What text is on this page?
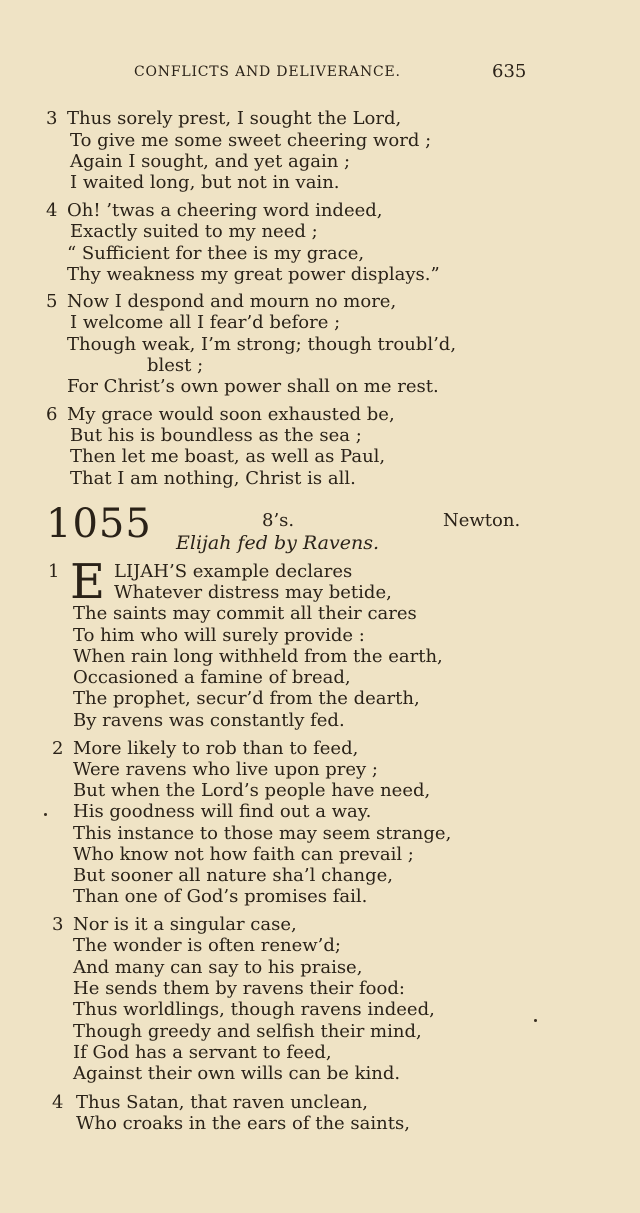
CONFLICTS AND DELIVERANCE.	635
3 Thus sorely prest, I sought the Lord,
To give me some sweet cheering word ;
Again I sought, and yet again ;
I waited long, but not in vain.
4 Oh! ’twas a cheering word indeed,
Exactly suited to my need ;
“ Sufficient for thee is my grace,
Thy weakness my great power displays.”
5 Now I despond and mourn no more,
I welcome all I fear’d before ;
Though weak, I’m strong; though troubl’d,
blest ;
For Christ’s own power shall on me rest.
6 My grace would soon exhausted be,
But his is boundless as the sea ;
Then let me boast, as well as Paul,
That I am nothing, Christ is all.
1055	8’s.	Newton.
Elijah fed by Ravens.
1 E LIJAH’S example declares
Whatever distress may betide,
The saints may commit all their cares
To him who will surely provide :
When rain long withheld from the earth,
Occasioned a famine of bread,
The prophet, secur’d from the dearth,
By ravens was constantly fed.
2 More likely to rob than to feed,
Were ravens who live upon prey ;
But when the Lord’s people have need,
His goodness will find out a way.
This instance to those may seem strange,
Who know not how faith can prevail ;
But sooner all nature sha’l change,
Than one of God’s promises fail.
3 Nor is it a singular case,
The wonder is often renew’d;
And many can say to his praise,
He sends them by ravens their food:
Thus worldlings, though ravens indeed,
Though greedy and selfish their mind,
If God has a servant to feed,
Against their own wills can be kind.
4 Thus Satan, that raven unclean,
Who croaks in the ears of the saints,
